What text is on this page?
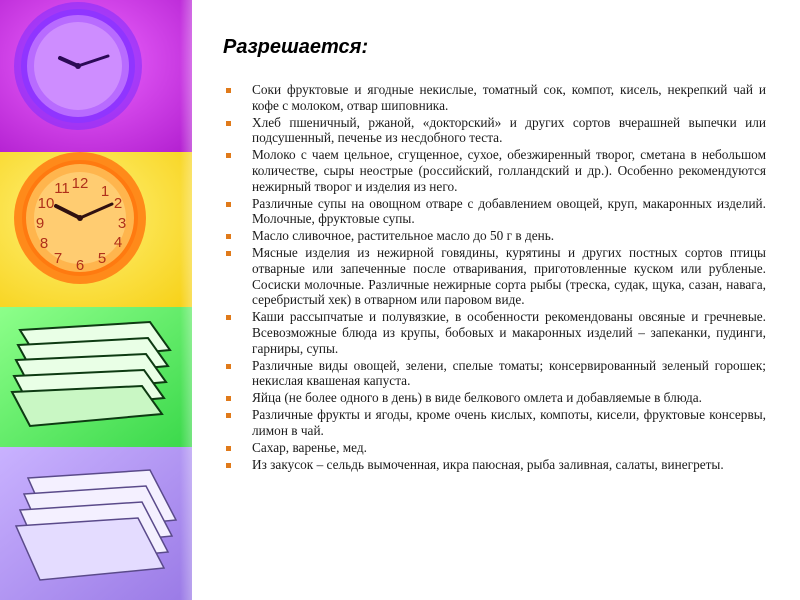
12 1
2
3
4
5
6
7
8
9
10
11
Разрешается:
Соки фруктовые и ягодные некислые, томатный сок, компот, кисель, некрепкий чай и кофе с молоком, отвар шиповника.
Хлеб пшеничный, ржаной, «докторский» и других сортов вчерашней выпечки или подсушенный, печенье из несдобного теста.
Молоко с чаем цельное, сгущенное, сухое, обезжиренный творог, сметана в небольшом количестве, сыры неострые (российский, голландский и др.). Особенно рекомендуются нежирный творог и изделия из него.
Различные супы на овощном отваре с добавлением овощей, круп, макаронных изделий. Молочные, фруктовые супы.
Масло сливочное, растительное масло до 50 г в день.
Мясные изделия из нежирной говядины, курятины и других постных сортов птицы отварные или запеченные после отваривания, приготовленные куском или рубленые. Сосиски молочные. Различные нежирные сорта рыбы (треска, судак, щука, сазан, навага, серебристый хек) в отварном или паровом виде.
Каши рассыпчатые и полувязкие, в особенности рекомендованы овсяные и гречневые. Всевозможные блюда из крупы, бобовых и макаронных изделий – запеканки, пудинги, гарниры, супы.
Различные виды овощей, зелени, спелые томаты; консервированный зеленый горошек; некислая квашеная капуста.
Яйца (не более одного в день) в виде белкового омлета и добавляемые в блюда.
Различные фрукты и ягоды, кроме очень кислых, компоты, кисели, фруктовые консервы, лимон в чай.
Сахар, варенье, мед.
Из закусок – сельдь вымоченная, икра паюсная, рыба заливная, салаты, винегреты.
